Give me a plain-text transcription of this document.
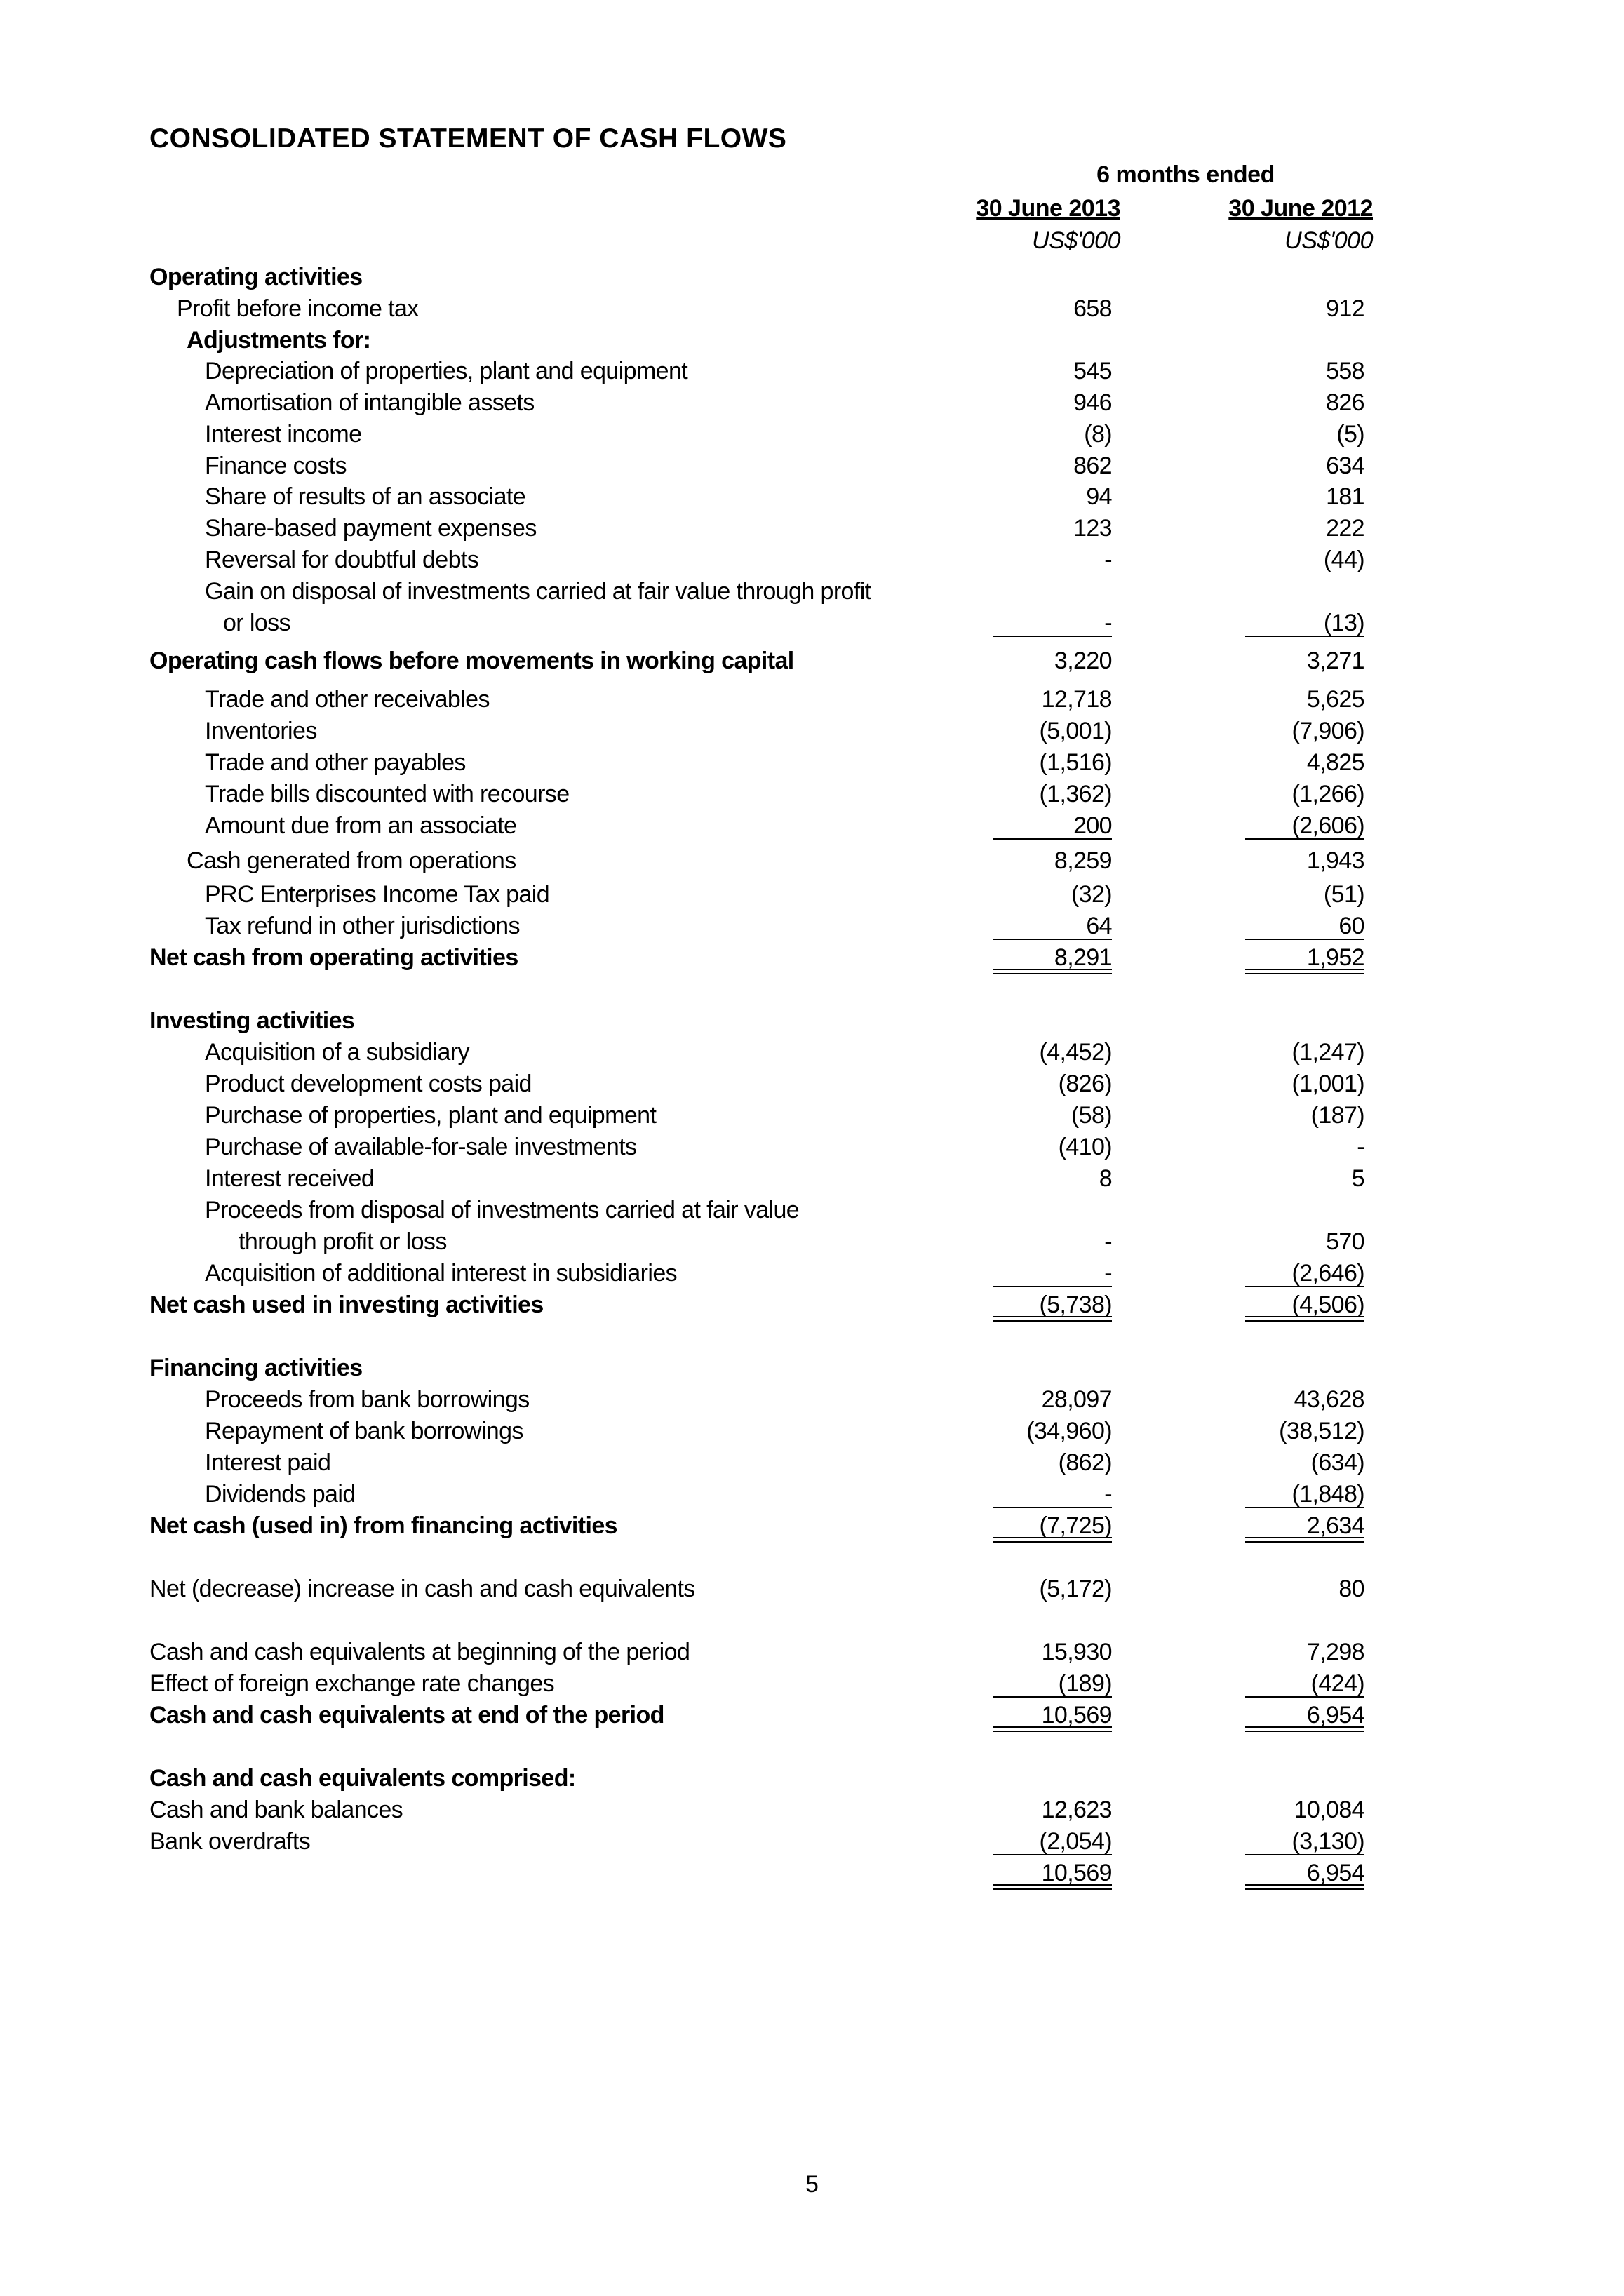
CONSOLIDATED STATEMENT OF CASH FLOWS
6 months ended
30 June 2013	30 June 2012
US$'000	US$'000
Operating activities
Profit before income tax	658	912
Adjustments for:
Depreciation of properties, plant and equipment	545	558
Amortisation of intangible assets	946	826
Interest income	(8)	(5)
Finance costs	862	634
Share of results of an associate	94	181
Share-based payment expenses	123	222
Reversal for doubtful debts	-	(44)
Gain on disposal of investments carried at fair value through profit
or loss	-	(13)
Operating cash flows before movements in working capital	3,220	3,271
Trade and other receivables	12,718	5,625
Inventories	(5,001)	(7,906)
Trade and other payables	(1,516)	4,825
Trade bills discounted with recourse	(1,362)	(1,266)
Amount due from an associate	200	(2,606)
Cash generated from operations	8,259	1,943
PRC Enterprises Income Tax paid	(32)	(51)
Tax refund in other jurisdictions	64	60
Net cash from operating activities	8,291	1,952
Investing activities
Acquisition of a subsidiary	(4,452)	(1,247)
Product development costs paid	(826)	(1,001)
Purchase of properties, plant and equipment	(58)	(187)
Purchase of available-for-sale investments	(410)	-
Interest received	8	5
Proceeds from disposal of investments carried at fair value
through profit or loss	-	570
Acquisition of additional interest in subsidiaries	-	(2,646)
Net cash used in investing activities	(5,738)	(4,506)
Financing activities
Proceeds from bank borrowings	28,097	43,628
Repayment of bank borrowings	(34,960)	(38,512)
Interest paid	(862)	(634)
Dividends paid	-	(1,848)
Net cash (used in) from financing activities	(7,725)	2,634
Net (decrease) increase in cash and cash equivalents	(5,172)	80
Cash and cash equivalents at beginning of the period	15,930	7,298
Effect of foreign exchange rate changes	(189)	(424)
Cash and cash equivalents at end of the period	10,569	6,954
Cash and cash equivalents comprised:
Cash and bank balances	12,623	10,084
Bank overdrafts	(2,054)	(3,130)
10,569	6,954
5
